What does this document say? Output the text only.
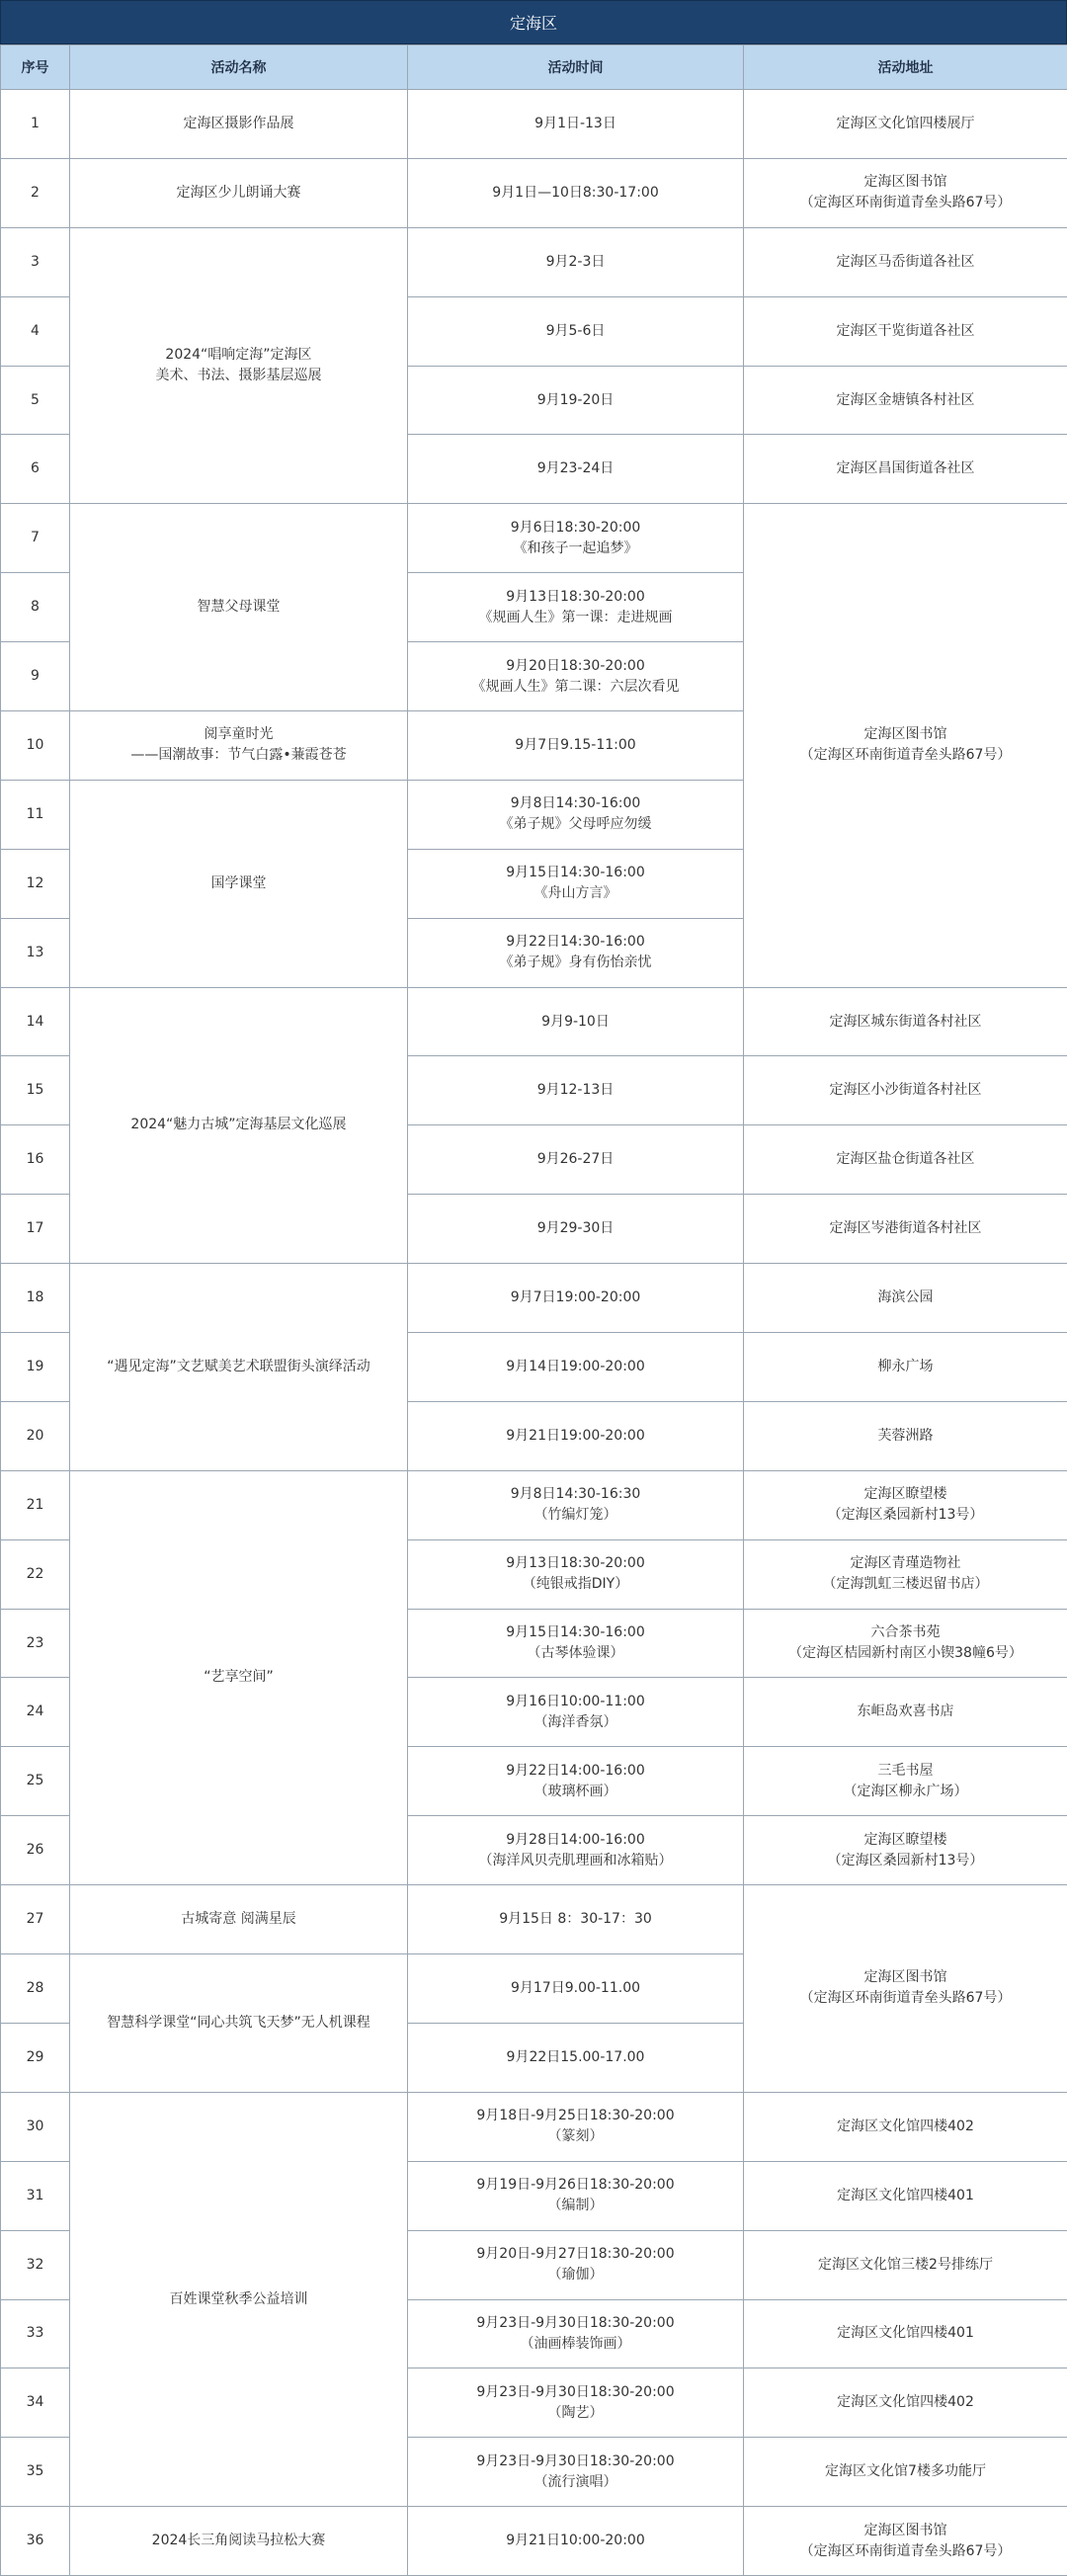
定海区
序号	活动名称	活动时间	活动地址
1	定海区摄影作品展	9月1日-13日	定海区文化馆四楼展厅
2	定海区少儿朗诵大赛	9月1日—10日8:30-17:00	定海区图书馆
（定海区环南街道青垒头路67号）
3	2024“唱响定海”定海区
美术、书法、摄影基层巡展	9月2-3日	定海区马岙街道各社区
4		9月5-6日	定海区干览街道各社区
5		9月19-20日	定海区金塘镇各村社区
6		9月23-24日	定海区昌国街道各社区
7	智慧父母课堂	9月6日18:30-20:00
《和孩子一起追梦》	定海区图书馆
（定海区环南街道青垒头路67号）
8		9月13日18:30-20:00
《规画人生》第一课：走进规画	
9		9月20日18:30-20:00
《规画人生》第二课：六层次看见	
10	阅享童时光
——国潮故事：节气白露•蒹霞苍苍	9月7日9.15-11:00	
11	国学课堂	9月8日14:30-16:00
《弟子规》父母呼应勿缓	
12		9月15日14:30-16:00
《舟山方言》	
13		9月22日14:30-16:00
《弟子规》身有伤怡亲忧	
14	2024“魅力古城”定海基层文化巡展	9月9-10日	定海区城东街道各村社区
15		9月12-13日	定海区小沙街道各村社区
16		9月26-27日	定海区盐仓街道各社区
17		9月29-30日	定海区岑港街道各村社区
18	“遇见定海”文艺赋美艺术联盟街头演绎活动	9月7日19:00-20:00	海滨公园
19		9月14日19:00-20:00	柳永广场
20		9月21日19:00-20:00	芙蓉洲路
21	“艺享空间”	9月8日14:30-16:30
（竹编灯笼）	定海区瞭望楼
（定海区桑园新村13号）
22		9月13日18:30-20:00
（纯银戒指DIY）	定海区青瑾造物社
（定海凯虹三楼迟留书店）
23		9月15日14:30-16:00
（古琴体验课）	六合茶书苑
（定海区桔园新村南区小锲38幢6号）
24		9月16日10:00-11:00
（海洋香氛）	东岠岛欢喜书店
25		9月22日14:00-16:00
（玻璃杯画）	三毛书屋
（定海区柳永广场）
26		9月28日14:00-16:00
（海洋风贝壳肌理画和冰箱贴）	定海区瞭望楼
（定海区桑园新村13号）
27	古城寄意 阅满星辰	9月15日 8：30-17：30	定海区图书馆
（定海区环南街道青垒头路67号）
28	智慧科学课堂“同心共筑飞天梦”无人机课程	9月17日9.00-11.00	
29		9月22日15.00-17.00	
30	百姓课堂秋季公益培训	9月18日-9月25日18:30-20:00
（篆刻）	定海区文化馆四楼402
31		9月19日-9月26日18:30-20:00
（编制）	定海区文化馆四楼401
32		9月20日-9月27日18:30-20:00
（瑜伽）	定海区文化馆三楼2号排练厅
33		9月23日-9月30日18:30-20:00
（油画棒装饰画）	定海区文化馆四楼401
34		9月23日-9月30日18:30-20:00
（陶艺）	定海区文化馆四楼402
35		9月23日-9月30日18:30-20:00
（流行演唱）	定海区文化馆7楼多功能厅
36	2024长三角阅读马拉松大赛	9月21日10:00-20:00	定海区图书馆
（定海区环南街道青垒头路67号）
